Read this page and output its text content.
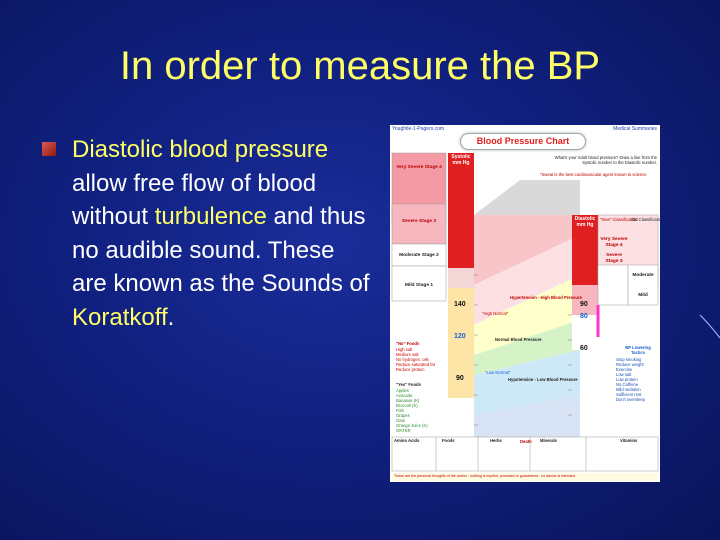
In order to measure the BP
Diastolic blood pressure allow free flow of blood without turbulence and thus no audible sound. These are known as the Sounds of Koratkoff.
Youghtle-1-Pagers.com	Medical Summaries
Blood Pressure Chart
What's your Adult blood pressure? Draw a line from the Systolic number to the Diastolic number.
*Sweat is the best cardiovascular agent known to science
Systolic mm Hg
Diastolic mm Hg
"New" Classification
Old Classification
Very Severe Stage 4
Severe Stage 3
Moderate Stage 2
Mild Stage 1
Very Severe Stage 4
Severe Stage 3
Moderate
Mild
140
120
90
90
80
60
Hypertension - High Blood Pressure
"High Normal"
Normal Blood Pressure
"Low Normal"
Hypotension - Low Blood Pressure
Death
"No" Foods
High salt
Medium salt
No hydrogen. oils
Reduce saturated fat
Reduce protein
"Yes" Foods
Apples
Avocado
Bananas (K)
Broccoli (K)
Fish
Grapes
Oats
Orange Juice (K)
WATER
BP Lowering Tactics
Stop smoking
Reduce weight
Exercise
Low salt
Low protein
No Caffeine
Mild sedation
Sufficient rest
Don't oversleep
Amino Acids	Foods	Herbs	Minerals	Vitamins
These are the personal thoughts of the author - nothing is implied, promised or guaranteed - no advice is intended.
